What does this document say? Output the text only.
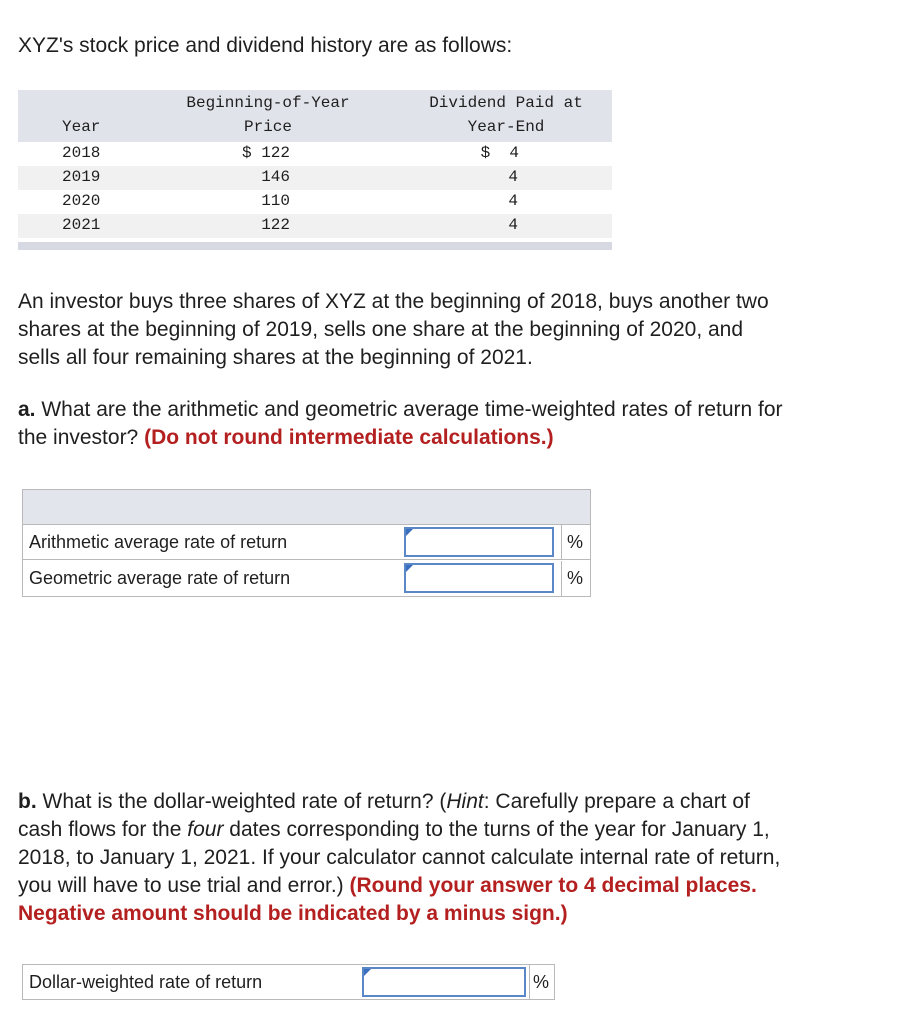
XYZ's stock price and dividend history are as follows:
Beginning-of-Year	Dividend Paid at
Year	Price	Year-End
2018	$ 122	$  4
2019	146	4
2020	110	4
2021	122	4
An investor buys three shares of XYZ at the beginning of 2018, buys another two
shares at the beginning of 2019, sells one share at the beginning of 2020, and
sells all four remaining shares at the beginning of 2021.
a. What are the arithmetic and geometric average time-weighted rates of return for
the investor? (Do not round intermediate calculations.)
Arithmetic average rate of return	%
Geometric average rate of return	%
b. What is the dollar-weighted rate of return? (Hint: Carefully prepare a chart of
cash flows for the four dates corresponding to the turns of the year for January 1,
2018, to January 1, 2021. If your calculator cannot calculate internal rate of return,
you will have to use trial and error.) (Round your answer to 4 decimal places.
Negative amount should be indicated by a minus sign.)
Dollar-weighted rate of return	%
